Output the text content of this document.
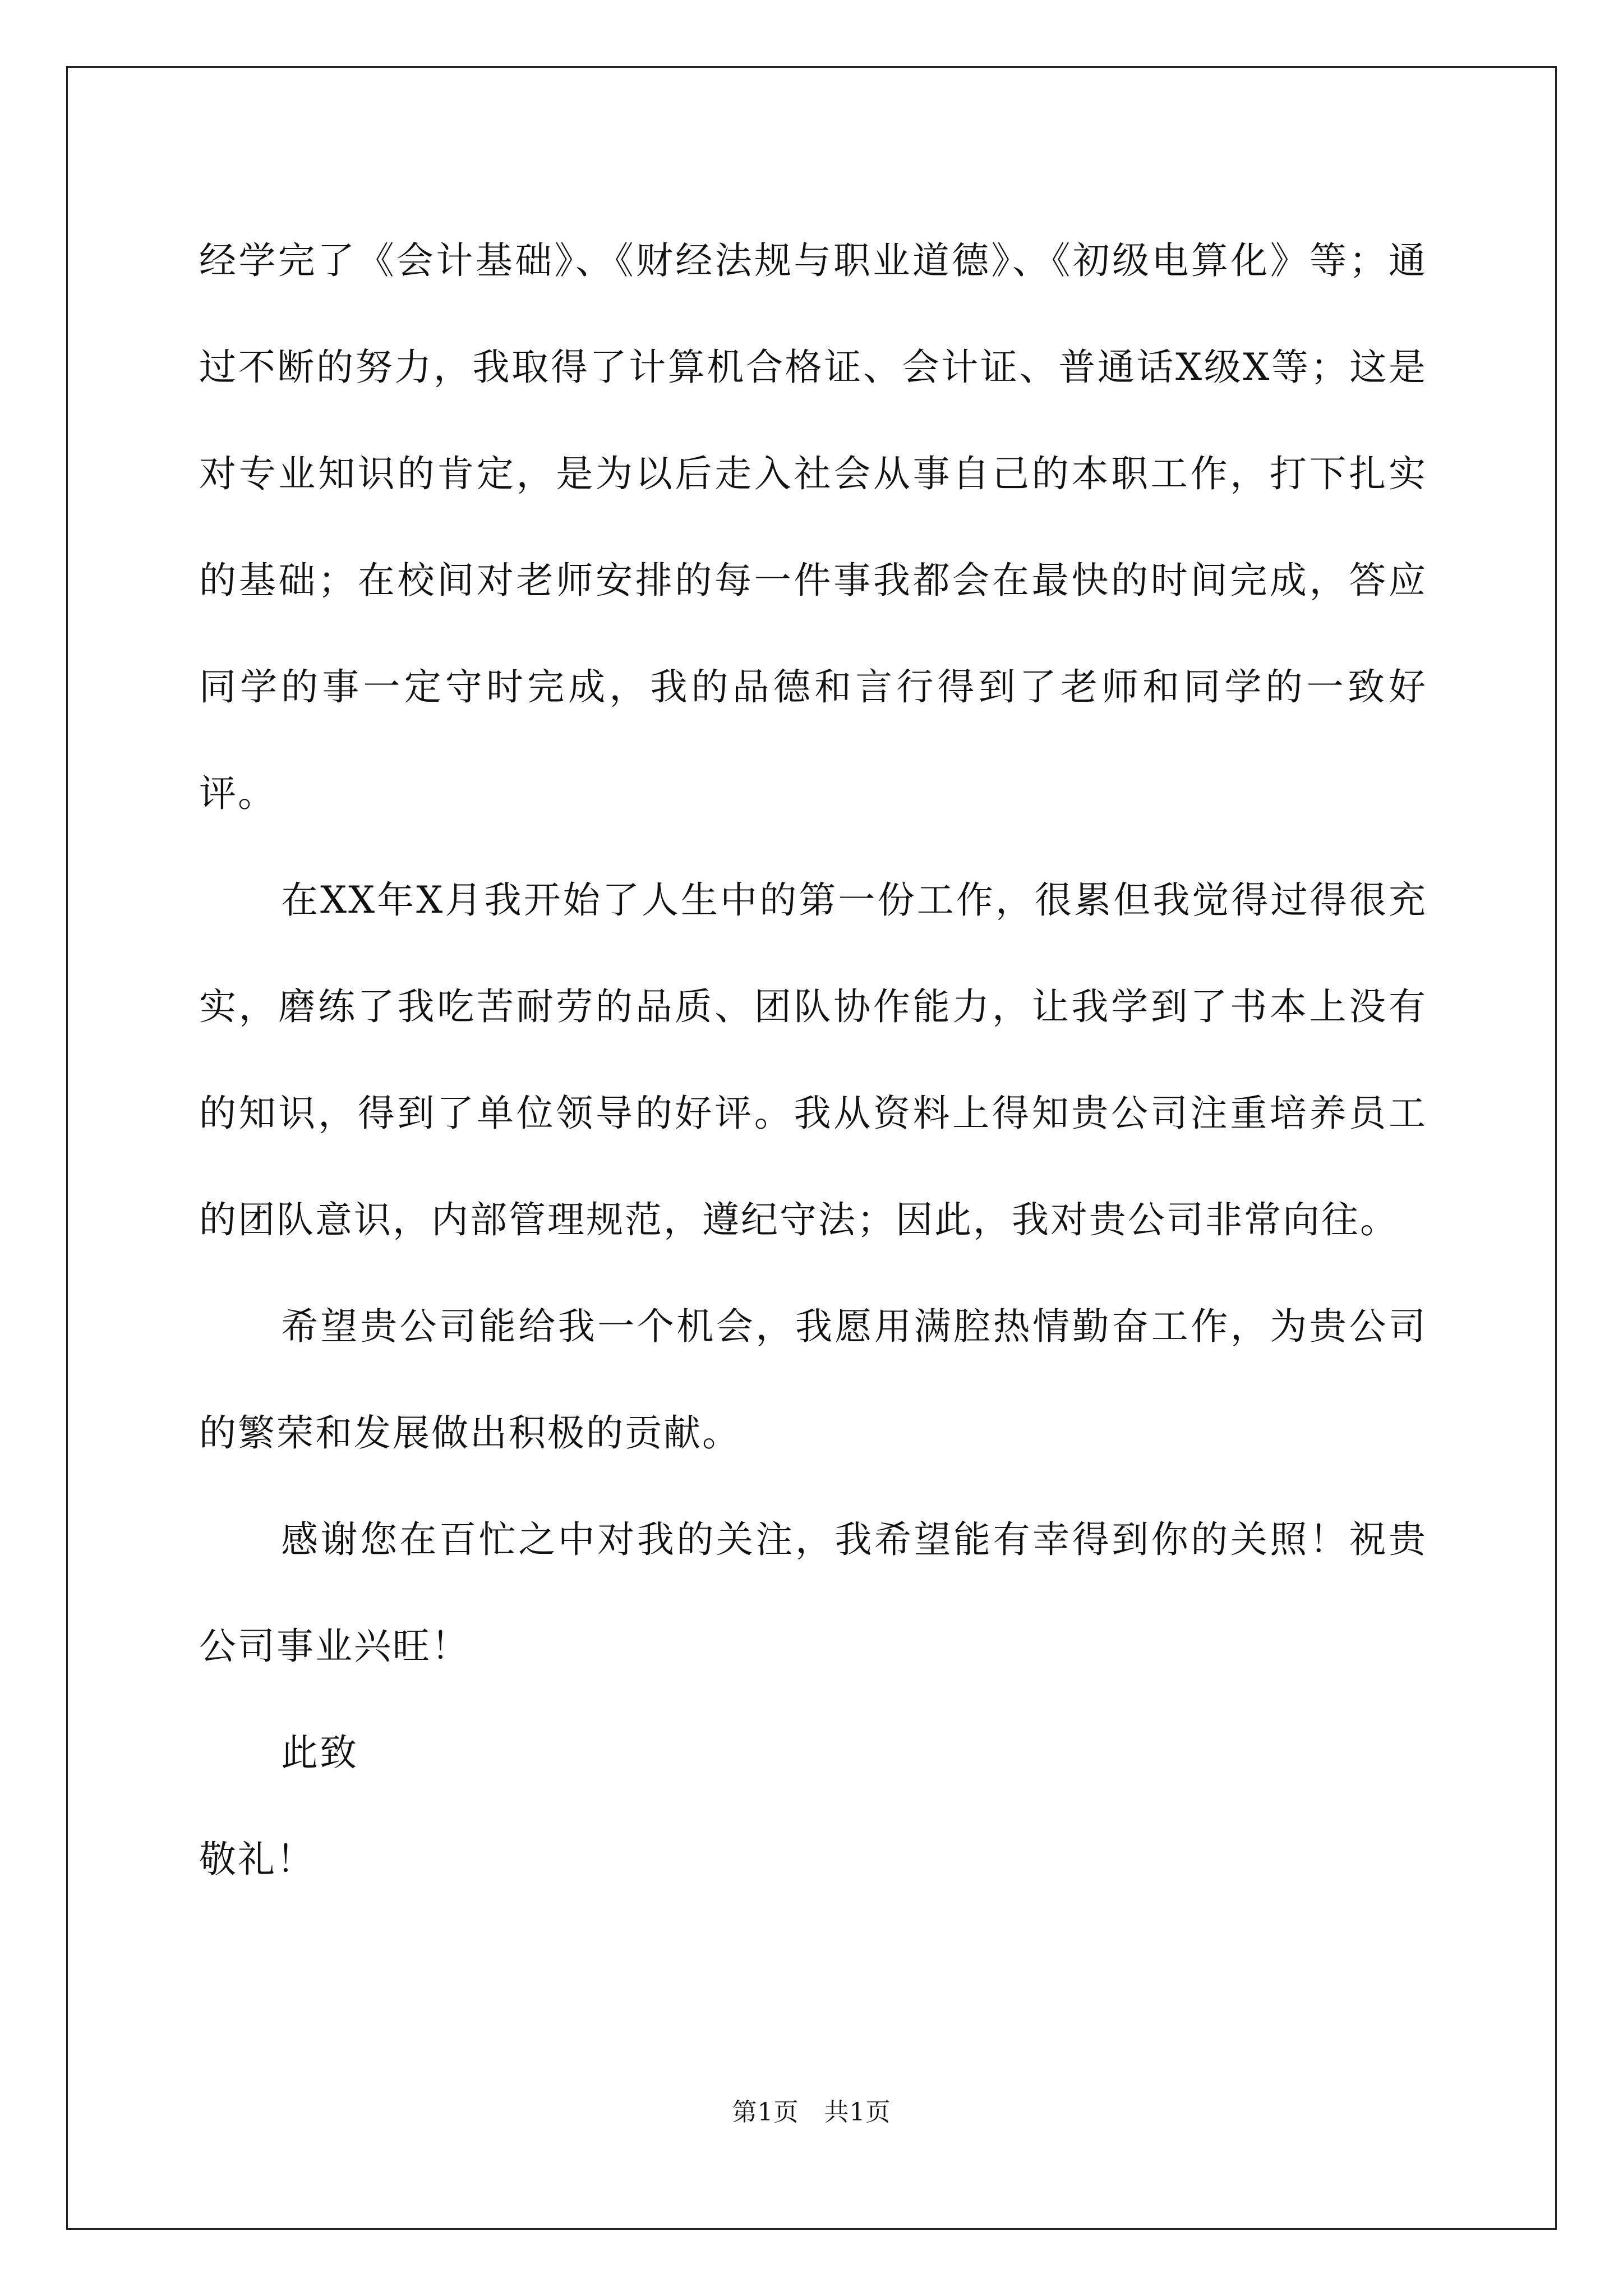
经学完了《会计基础》、《财经法规与职业道德》、《初级电算化》等；通过不断的努力，我取得了计算机合格证、会计证、普通话X级X等；这是对专业知识的肯定，是为以后走入社会从事自己的本职工作，打下扎实的基础；在校间对老师安排的每一件事我都会在最快的时间完成，答应同学的事一定守时完成，我的品德和言行得到了老师和同学的一致好评。

在XX年X月我开始了人生中的第一份工作，很累但我觉得过得很充实，磨练了我吃苦耐劳的品质、团队协作能力，让我学到了书本上没有的知识，得到了单位领导的好评。我从资料上得知贵公司注重培养员工的团队意识，内部管理规范，遵纪守法；因此，我对贵公司非常向往。

希望贵公司能给我一个机会，我愿用满腔热情勤奋工作，为贵公司的繁荣和发展做出积极的贡献。

感谢您在百忙之中对我的关注，我希望能有幸得到你的关照！祝贵公司事业兴旺！

此致

敬礼！

第1页 共1页
